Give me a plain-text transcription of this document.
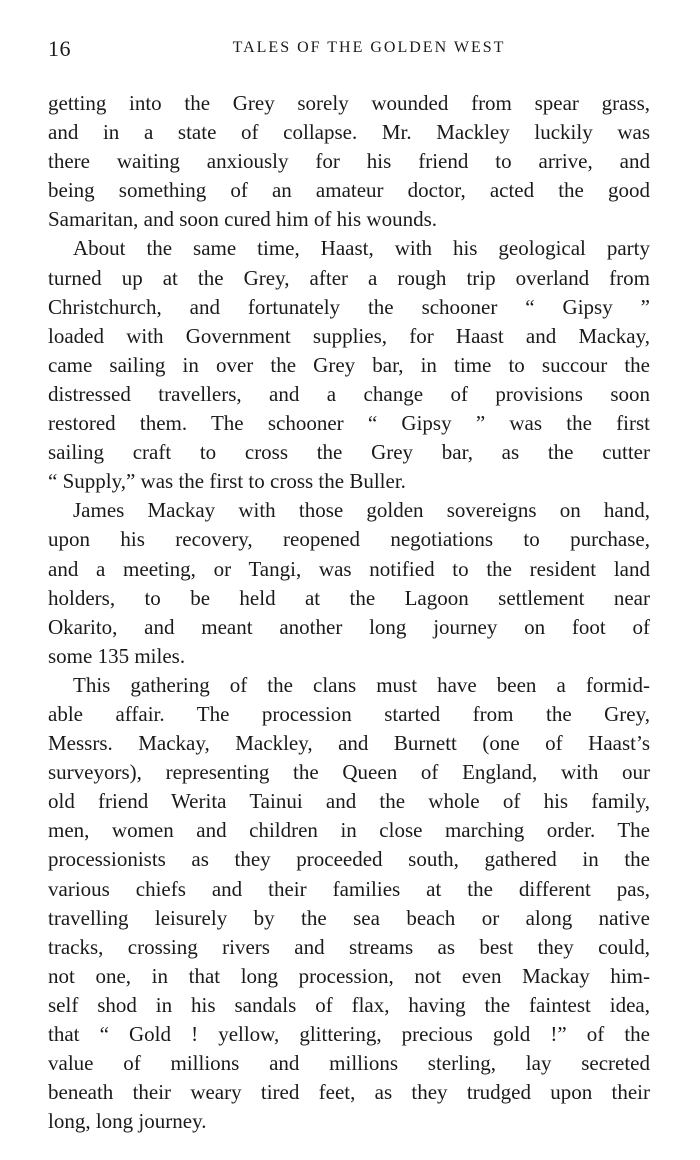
16	TALES OF THE GOLDEN WEST
getting into the Grey sorely wounded from spear grass,
and in a state of collapse. Mr. Mackley luckily was
there waiting anxiously for his friend to arrive, and
being something of an amateur doctor, acted the good
Samaritan, and soon cured him of his wounds.
About the same time, Haast, with his geological party
turned up at the Grey, after a rough trip overland from
Christchurch, and fortunately the schooner “ Gipsy ”
loaded with Government supplies, for Haast and Mackay,
came sailing in over the Grey bar, in time to succour the
distressed travellers, and a change of provisions soon
restored them. The schooner “ Gipsy ” was the first
sailing craft to cross the Grey bar, as the cutter
“ Supply,” was the first to cross the Buller.
James Mackay with those golden sovereigns on hand,
upon his recovery, reopened negotiations to purchase,
and a meeting, or Tangi, was notified to the resident land
holders, to be held at the Lagoon settlement near
Okarito, and meant another long journey on foot of
some 135 miles.
This gathering of the clans must have been a formid-
able affair. The procession started from the Grey,
Messrs. Mackay, Mackley, and Burnett (one of Haast’s
surveyors), representing the Queen of England, with our
old friend Werita Tainui and the whole of his family,
men, women and children in close marching order. The
processionists as they proceeded south, gathered in the
various chiefs and their families at the different pas,
travelling leisurely by the sea beach or along native
tracks, crossing rivers and streams as best they could,
not one, in that long procession, not even Mackay him-
self shod in his sandals of flax, having the faintest idea,
that “ Gold ! yellow, glittering, precious gold !” of the
value of millions and millions sterling, lay secreted
beneath their weary tired feet, as they trudged upon their
long, long journey.
